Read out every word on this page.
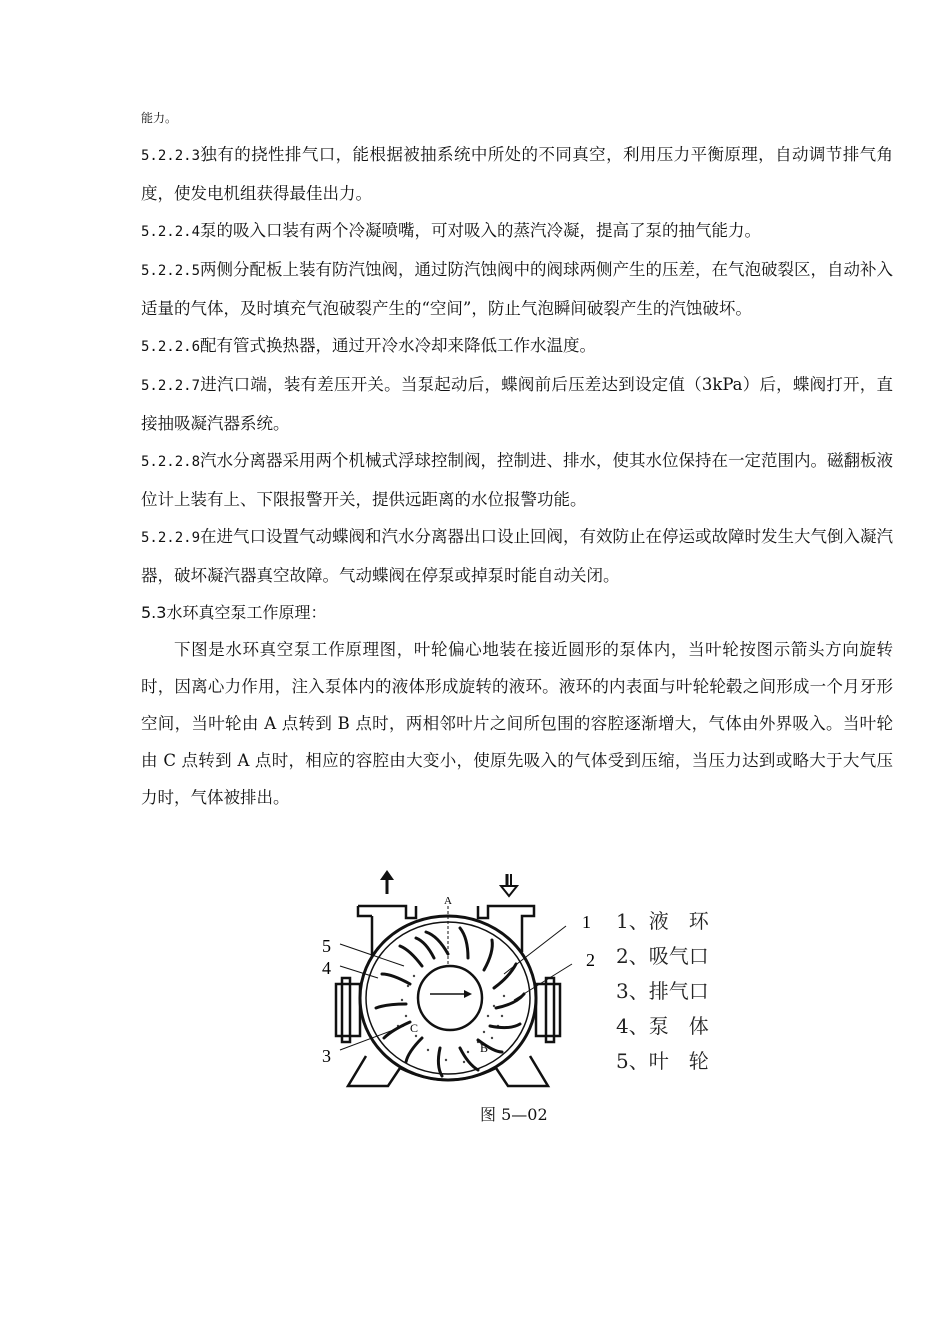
能力。

5.2.2.3独有的挠性排气口，能根据被抽系统中所处的不同真空，利用压力平衡原理，自动调节排气角度，使发电机组获得最佳出力。

5.2.2.4泵的吸入口装有两个冷凝喷嘴，可对吸入的蒸汽冷凝，提高了泵的抽气能力。

5.2.2.5两侧分配板上装有防汽蚀阀，通过防汽蚀阀中的阀球两侧产生的压差，在气泡破裂区，自动补入适量的气体，及时填充气泡破裂产生的“空间”，防止气泡瞬间破裂产生的汽蚀破坏。

5.2.2.6配有管式换热器，通过开冷水冷却来降低工作水温度。

5.2.2.7进汽口端，装有差压开关。当泵起动后，蝶阀前后压差达到设定值（3kPa）后，蝶阀打开，直接抽吸凝汽器系统。

5.2.2.8汽水分离器采用两个机械式浮球控制阀，控制进、排水，使其水位保持在一定范围内。磁翻板液位计上装有上、下限报警开关，提供远距离的水位报警功能。

5.2.2.9在进气口设置气动蝶阀和汽水分离器出口设止回阀，有效防止在停运或故障时发生大气倒入凝汽器，破坏凝汽器真空故障。气动蝶阀在停泵或掉泵时能自动关闭。

5.3水环真空泵工作原理：

下图是水环真空泵工作原理图，叶轮偏心地装在接近圆形的泵体内，当叶轮按图示箭头方向旋转时，因离心力作用，注入泵体内的液体形成旋转的液环。液环的内表面与叶轮轮毂之间形成一个月牙形空间，当叶轮由 A 点转到 B 点时，两相邻叶片之间所包围的容腔逐渐增大，气体由外界吸入。当叶轮由 C 点转到 A 点时，相应的容腔由大变小，使原先吸入的气体受到压缩，当压力达到或略大于大气压力时，气体被排出。

A
B
C
1
2
3
4
5
1、液　环
2、吸气口
3、排气口
4、泵　体
5、叶　轮
图 5—02
